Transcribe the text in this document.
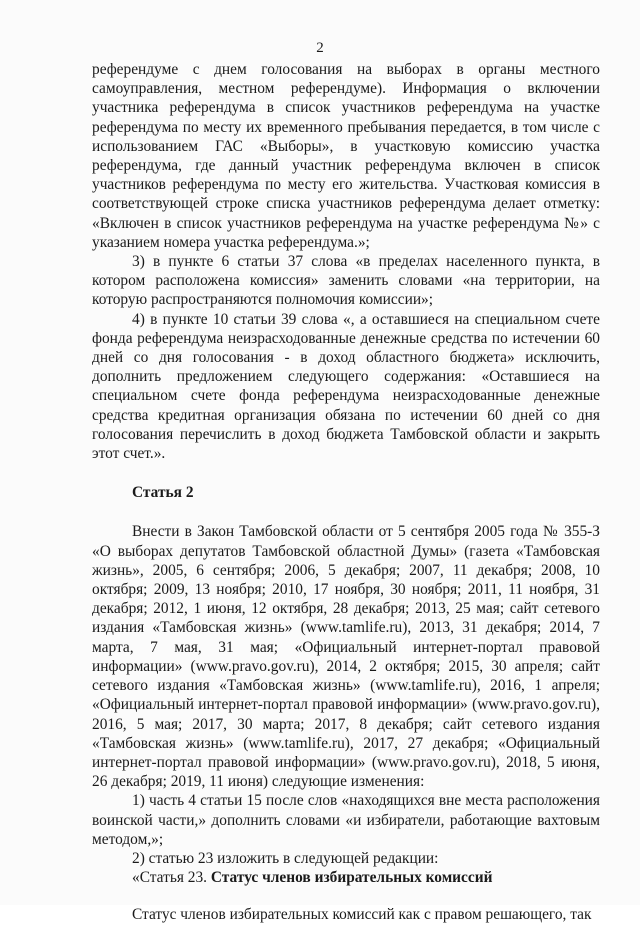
2

референдуме с днем голосования на выборах в органы местного самоуправления, местном референдуме). Информация о включении участника референдума в список участников референдума на участке референдума по месту их временного пребывания передается, в том числе с использованием ГАС «Выборы», в участковую комиссию участка референдума, где данный участник референдума включен в список участников референдума по месту его жительства. Участковая комиссия в соответствующей строке списка участников референдума делает отметку: «Включен в список участников референдума на участке референдума №» с указанием номера участка референдума.»;

3) в пункте 6 статьи 37 слова «в пределах населенного пункта, в котором расположена комиссия» заменить словами «на территории, на которую распространяются полномочия комиссии»;

4) в пункте 10 статьи 39 слова «, а оставшиеся на специальном счете фонда референдума неизрасходованные денежные средства по истечении 60 дней со дня голосования - в доход областного бюджета» исключить, дополнить предложением следующего содержания: «Оставшиеся на специальном счете фонда референдума неизрасходованные денежные средства кредитная организация обязана по истечении 60 дней со дня голосования перечислить в доход бюджета Тамбовской области и закрыть этот счет.».

Статья 2

Внести в Закон Тамбовской области от 5 сентября 2005 года № 355-З «О выборах депутатов Тамбовской областной Думы» (газета «Тамбовская жизнь», 2005, 6 сентября; 2006, 5 декабря; 2007, 11 декабря; 2008, 10 октября; 2009, 13 ноября; 2010, 17 ноября, 30 ноября; 2011, 11 ноября, 31 декабря; 2012, 1 июня, 12 октября, 28 декабря; 2013, 25 мая; сайт сетевого издания «Тамбовская жизнь» (www.tamlife.ru), 2013, 31 декабря; 2014, 7 марта, 7 мая, 31 мая; «Официальный интернет-портал правовой информации» (www.pravo.gov.ru), 2014, 2 октября; 2015, 30 апреля; сайт сетевого издания «Тамбовская жизнь» (www.tamlife.ru), 2016, 1 апреля; «Официальный интернет-портал правовой информации» (www.pravo.gov.ru), 2016, 5 мая; 2017, 30 марта; 2017, 8 декабря; сайт сетевого издания «Тамбовская жизнь» (www.tamlife.ru), 2017, 27 декабря; «Официальный интернет-портал правовой информации» (www.pravo.gov.ru), 2018, 5 июня, 26 декабря; 2019, 11 июня) следующие изменения:

1) часть 4 статьи 15 после слов «находящихся вне места расположения воинской части,» дополнить словами «и избиратели, работающие вахтовым методом,»;

2) статью 23 изложить в следующей редакции:

«Статья 23. Статус членов избирательных комиссий

Статус членов избирательных комиссий как с правом решающего, так
